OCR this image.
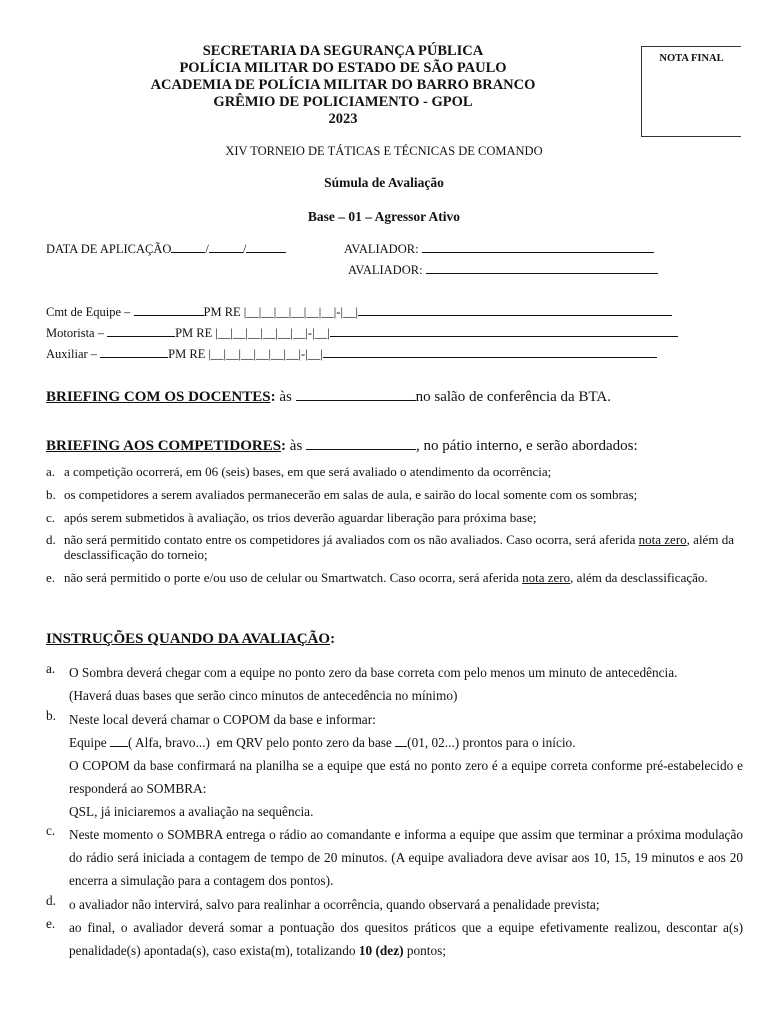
SECRETARIA DA SEGURANÇA PÚBLICA
POLÍCIA MILITAR DO ESTADO DE SÃO PAULO
ACADEMIA DE POLÍCIA MILITAR DO BARRO BRANCO
GRÊMIO DE POLICIAMENTO - GPOL
2023
NOTA FINAL
XIV TORNEIO DE TÁTICAS E TÉCNICAS DE COMANDO
Súmula de Avaliação
Base – 01 – Agressor Ativo
DATA DE APLICAÇÃO	/	/	AVALIADOR:
AVALIADOR:
Cmt de Equipe –	PM RE |__|__|__|__|__|__|-|__|
Motorista –	PM RE |__|__|__|__|__|__|-|__|
Auxiliar –	PM RE |__|__|__|__|__|__|-|__|
BRIEFING COM OS DOCENTES: às	no salão de conferência da BTA.
BRIEFING AOS COMPETIDORES: às	, no pátio interno, e serão abordados:
a. a competição ocorrerá, em 06 (seis) bases, em que será avaliado o atendimento da ocorrência;
b. os competidores a serem avaliados permanecerão em salas de aula, e sairão do local somente com os sombras;
c. após serem submetidos à avaliação, os trios deverão aguardar liberação para próxima base;
d. não será permitido contato entre os competidores já avaliados com os não avaliados. Caso ocorra, será aferida nota zero, além da desclassificação do torneio;
e. não será permitido o porte e/ou uso de celular ou Smartwatch. Caso ocorra, será aferida nota zero, além da desclassificação.
INSTRUÇÕES QUANDO DA AVALIAÇÃO:
a. O Sombra deverá chegar com a equipe no ponto zero da base correta com pelo menos um minuto de antecedência.
(Haverá duas bases que serão cinco minutos de antecedência no mínimo)
b. Neste local deverá chamar o COPOM da base e informar:
Equipe ( Alfa, bravo...)  em QRV pelo ponto zero da base (01, 02...) prontos para o início.
O COPOM da base confirmará na planilha se a equipe que está no ponto zero é a equipe correta conforme pré-estabelecido e responderá ao SOMBRA:
QSL, já iniciaremos a avaliação na sequência.
c. Neste momento o SOMBRA entrega o rádio ao comandante e informa a equipe que assim que terminar a próxima modulação do rádio será iniciada a contagem de tempo de 20 minutos. (A equipe avaliadora deve avisar aos 10, 15, 19 minutos e aos 20 encerra a simulação para a contagem dos pontos).
d. o avaliador não intervirá, salvo para realinhar a ocorrência, quando observará a penalidade prevista;
e. ao final, o avaliador deverá somar a pontuação dos quesitos práticos que a equipe efetivamente realizou, descontar a(s) penalidade(s) apontada(s), caso exista(m), totalizando 10 (dez) pontos;
